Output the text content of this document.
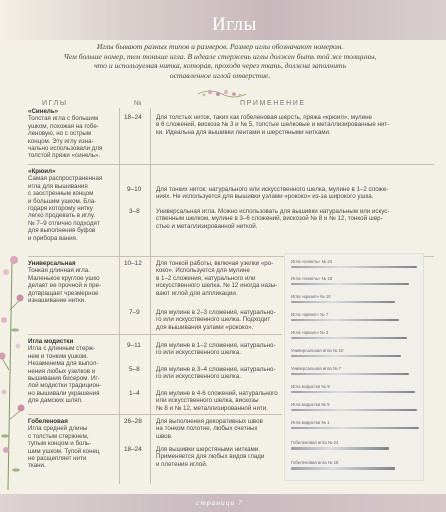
Иглы
Иглы бывают разных типов и размеров. Размер иглы обозначают номером.
Чем больше номер, тем тоньше игла. В идеале стержень иглы должен быть той же толщины,
что и используемая нитка, которая, проходя через ткань, должна заполнить
оставленное иглой отверстие.
ИГЛЫ	№	ПРИМЕНЕНИЕ
«Синель»
Толстая игла с большим
ушком, похожая на гобе-
леновую, но с острым
концом. Эту иглу изна-
чально использовали для
толстой пряжи «синель».
18–24 Для толстых ниток, таких как гобеленовая шерсть, пряжа «крюил», мулине
в 6 сложений, вискоза № 3 и № 5, толстые шелковые и металлизированные нит-
ки. Идеальна для вышивки лентами и шерстяными нитками.
«Крюил»
Самая распространенная
игла для вышивания
с заостренным концом
и большим ушком. Бла-
годаря которому нитку
легко продевать в иглу.
№ 7–9 отлично подходят
для выполнения буфов
и прибора вания.
9–10 Для тонких ниток: натурального или искусственного шелка, мулине в 1–2 сложе-
ниях. Не используется для вышивки узлами «рококо» из-за широкого ушка.
3–8	Универсальная игла. Можно использовать для вышивки натуральным или искус-
ственным шелком, мулине в 3–6 сложений, вискозой № 8 и № 12, тонкой шер-
стью и металлизированной ниткой.
Универсальная
Тонкая длинная игла.
Маленькое круглое ушко
делает ее прочной и пре-
дотвращает чрезмерное
изнашивание нитки.
10–12 Для тонкой работы, включая узелки «ро-
коко». Используется для мулине
в 1–2 сложения, натурального или
искусственного шелка. № 12 иногда назы-
вают иглой для аппликации.
7–9	Для мулине в 2–3 сложения, натурально-
го или искусственного шелка. Подходит
для вышивания узлами «рококо».
Игла модистки
Игла с длинным стерж-
нем и тонким ушком.
Незаменима для выпол-
нения любых узелков и
вышивания бисером. Иг-
лой модистки традицион-
но вышивали украшения
для дамских шляп.
9–11 Для мулине в 1–2 сложения, натурально-
го или искусственного шелка.
5–8	Для мулине в 3–4 сложения, натурально-
го или искусственного шелка.
1–4	Для мулине в 4-6 сложений, натурального
или искусственного шелка, вискозы
№ 8 и № 12, металлизированной нити.
Гобеленовая
Игла средней длины
с толстым стержнем,
тупым концом и боль-
шим ушком. Тупой конец
не расщепляет нити
ткани.
26–28 Для выполнения декоративных швов
на тонком полотне, любых счетных
швов.
18–24 Для вышивки шерстяными нитками.
Применяется для любых видов глади
и плетения иглой.
Игла «синель» № 24
Игла «синель» № 18
Игла «крюил» № 10
Игла «крюил» № 7
Игла «крюил» № 3
Универсальная игла № 10
Универсальная игла № 7
Игла модистки № 9
Игла модистки № 5
Игла модистки № 1
Гобеленовая игла № 24
Гобеленовая игла № 18
страница 7
